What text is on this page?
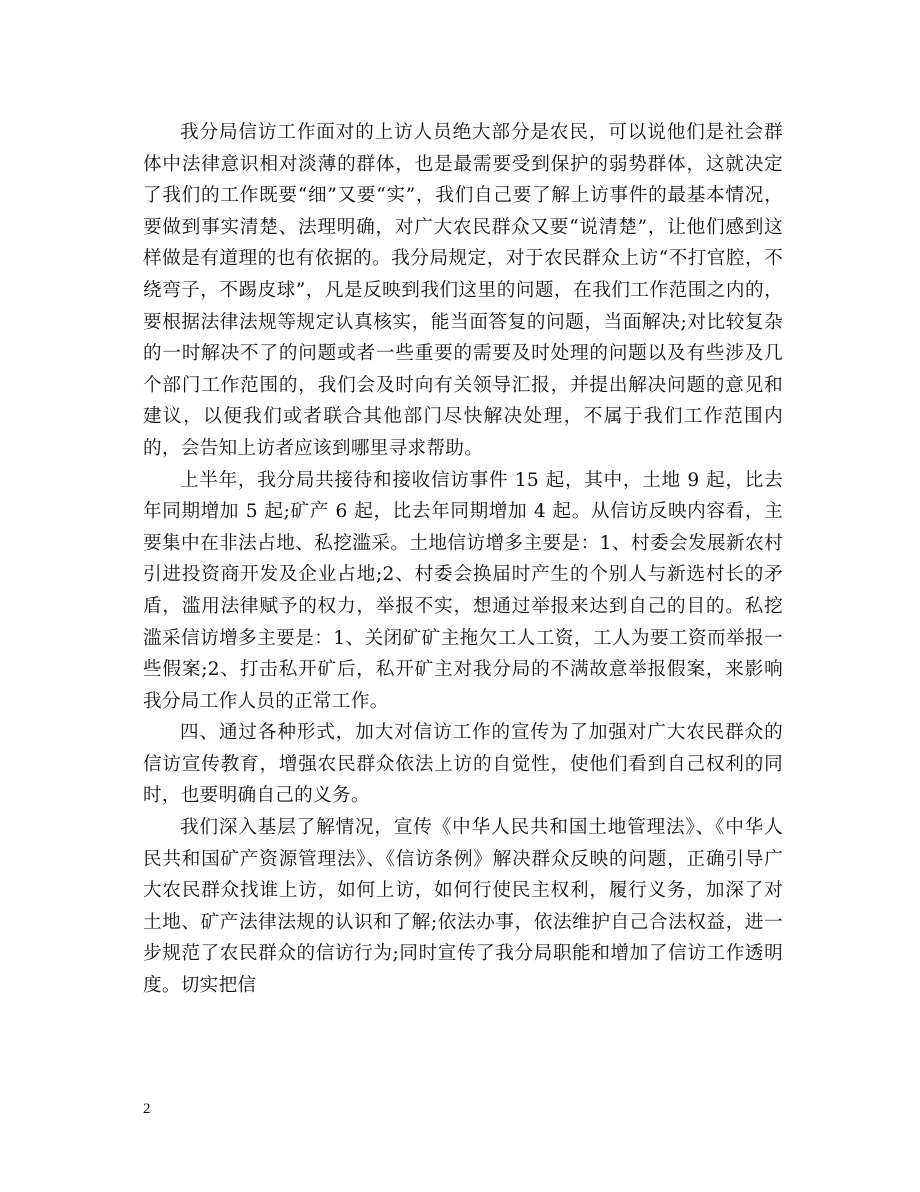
我分局信访工作面对的上访人员绝大部分是农民，可以说他们是社会群体中法律意识相对淡薄的群体，也是最需要受到保护的弱势群体，这就决定了我们的工作既要“细”又要“实”，我们自己要了解上访事件的最基本情况，要做到事实清楚、法理明确，对广大农民群众又要“说清楚”，让他们感到这样做是有道理的也有依据的。我分局规定，对于农民群众上访“不打官腔，不绕弯子，不踢皮球”，凡是反映到我们这里的问题，在我们工作范围之内的，要根据法律法规等规定认真核实，能当面答复的问题，当面解决;对比较复杂的一时解决不了的问题或者一些重要的需要及时处理的问题以及有些涉及几个部门工作范围的，我们会及时向有关领导汇报，并提出解决问题的意见和建议，以便我们或者联合其他部门尽快解决处理，不属于我们工作范围内的，会告知上访者应该到哪里寻求帮助。

上半年，我分局共接待和接收信访事件 15 起，其中，土地 9 起，比去年同期增加 5 起;矿产 6 起，比去年同期增加 4 起。从信访反映内容看，主要集中在非法占地、私挖滥采。土地信访增多主要是：1、村委会发展新农村引进投资商开发及企业占地;2、村委会换届时产生的个别人与新选村长的矛盾，滥用法律赋予的权力，举报不实，想通过举报来达到自己的目的。私挖滥采信访增多主要是：1、关闭矿矿主拖欠工人工资，工人为要工资而举报一些假案;2、打击私开矿后，私开矿主对我分局的不满故意举报假案，来影响我分局工作人员的正常工作。

四、通过各种形式，加大对信访工作的宣传为了加强对广大农民群众的信访宣传教育，增强农民群众依法上访的自觉性，使他们看到自己权利的同时，也要明确自己的义务。

我们深入基层了解情况，宣传《中华人民共和国土地管理法》、《中华人民共和国矿产资源管理法》、《信访条例》解决群众反映的问题，正确引导广大农民群众找谁上访，如何上访，如何行使民主权利，履行义务，加深了对土地、矿产法律法规的认识和了解;依法办事，依法维护自己合法权益，进一步规范了农民群众的信访行为;同时宣传了我分局职能和增加了信访工作透明度。切实把信

2
